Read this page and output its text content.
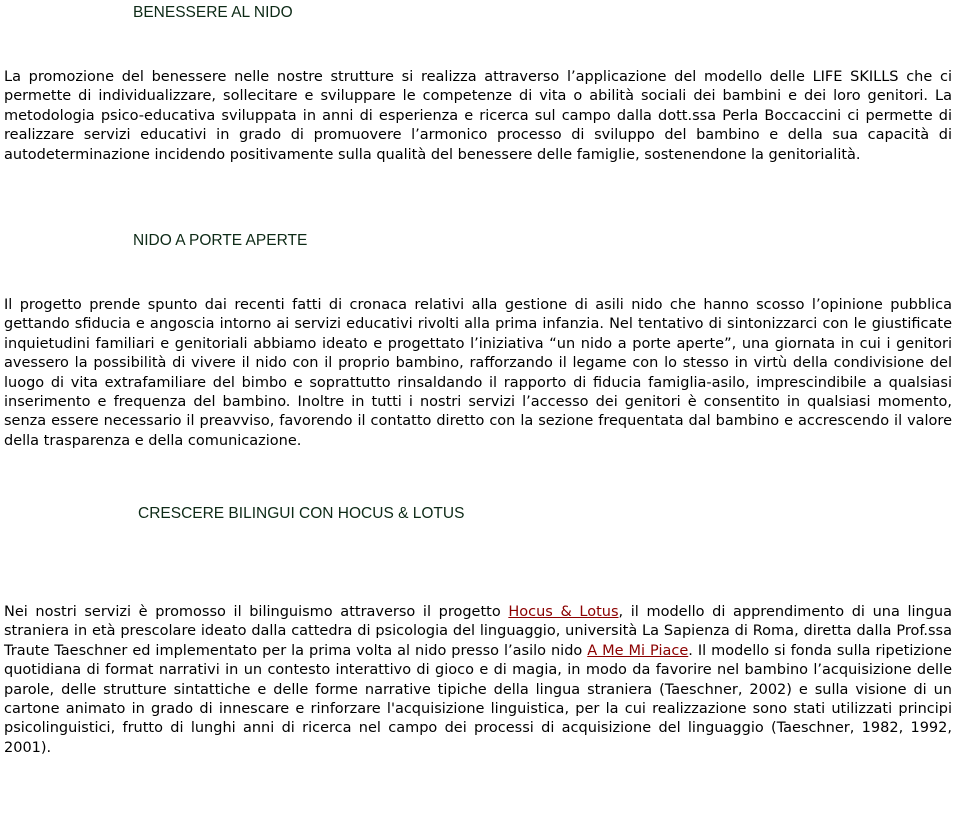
BENESSERE AL NIDO

La promozione del benessere nelle nostre strutture si realizza attraverso l’applicazione del modello delle LIFE SKILLS che ci permette di individualizzare, sollecitare e sviluppare le competenze di vita o abilità sociali dei bambini e dei loro genitori. La metodologia psico-educativa sviluppata in anni di esperienza e ricerca sul campo dalla dott.ssa Perla Boccaccini ci permette di realizzare servizi educativi in grado di promuovere l’armonico processo di sviluppo del bambino e della sua capacità di autodeterminazione incidendo positivamente sulla qualità del benessere delle famiglie, sostenendone la genitorialità.

NIDO A PORTE APERTE

Il progetto prende spunto dai recenti fatti di cronaca relativi alla gestione di asili nido che hanno scosso l’opinione pubblica gettando sfiducia e angoscia intorno ai servizi educativi rivolti alla prima infanzia. Nel tentativo di sintonizzarci con le giustificate inquietudini familiari e genitoriali abbiamo ideato e progettato l’iniziativa “un nido a porte aperte”, una giornata in cui i genitori avessero la possibilità di vivere il nido con il proprio bambino, rafforzando il legame con lo stesso in virtù della condivisione del luogo di vita extrafamiliare del bimbo e soprattutto rinsaldando il rapporto di fiducia famiglia-asilo, imprescindibile a qualsiasi inserimento e frequenza del bambino. Inoltre in tutti i nostri servizi l’accesso dei genitori è consentito in qualsiasi momento, senza essere necessario il preavviso, favorendo il contatto diretto con la sezione frequentata dal bambino e accrescendo il valore della trasparenza e della comunicazione.

CRESCERE BILINGUI CON HOCUS & LOTUS

Nei nostri servizi è promosso il bilinguismo attraverso il progetto Hocus & Lotus, il modello di apprendimento di una lingua straniera in età prescolare ideato dalla cattedra di psicologia del linguaggio, università La Sapienza di Roma, diretta dalla Prof.ssa Traute Taeschner ed implementato per la prima volta al nido presso l’asilo nido A Me Mi Piace. Il modello si fonda sulla ripetizione quotidiana di format narrativi in un contesto interattivo di gioco e di magia, in modo da favorire nel bambino l’acquisizione delle parole, delle strutture sintattiche e delle forme narrative tipiche della lingua straniera (Taeschner, 2002) e sulla visione di un cartone animato in grado di innescare e rinforzare l'acquisizione linguistica, per la cui realizzazione sono stati utilizzati principi psicolinguistici, frutto di lunghi anni di ricerca nel campo dei processi di acquisizione del linguaggio (Taeschner, 1982, 1992, 2001).
